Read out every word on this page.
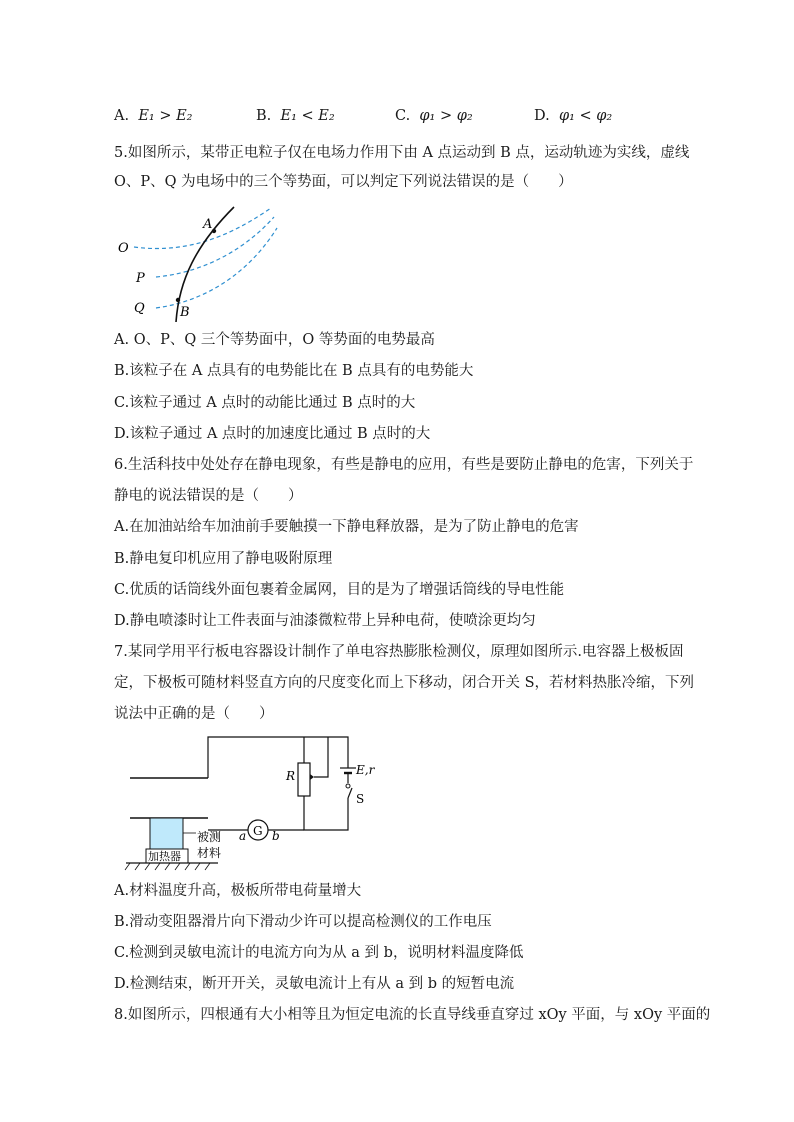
A. E₁ > E₂	B. E₁ < E₂	C. φ₁ > φ₂	D. φ₁ < φ₂
5.如图所示，某带正电粒子仅在电场力作用下由 A 点运动到 B 点，运动轨迹为实线，虚线
O、P、Q 为电场中的三个等势面，可以判定下列说法错误的是（　　）
A
B
O
P
Q
A. O、P、Q 三个等势面中，O 等势面的电势最高
B.该粒子在 A 点具有的电势能比在 B 点具有的电势能大
C.该粒子通过 A 点时的动能比通过 B 点时的大
D.该粒子通过 A 点时的加速度比通过 B 点时的大
6.生活科技中处处存在静电现象，有些是静电的应用，有些是要防止静电的危害，下列关于
静电的说法错误的是（　　）
A.在加油站给车加油前手要触摸一下静电释放器，是为了防止静电的危害
B.静电复印机应用了静电吸附原理
C.优质的话筒线外面包裹着金属网，目的是为了增强话筒线的导电性能
D.静电喷漆时让工件表面与油漆微粒带上异种电荷，使喷涂更均匀
7.某同学用平行板电容器设计制作了单电容热膨胀检测仪，原理如图所示.电容器上极板固
定，下极板可随材料竖直方向的尺度变化而上下移动，闭合开关 S，若材料热胀冷缩，下列
说法中正确的是（　　）
R	E,r
S
G
a b
被测
材料
加热器
A.材料温度升高，极板所带电荷量增大
B.滑动变阻器滑片向下滑动少许可以提高检测仪的工作电压
C.检测到灵敏电流计的电流方向为从 a 到 b，说明材料温度降低
D.检测结束，断开开关，灵敏电流计上有从 a 到 b 的短暂电流
8.如图所示，四根通有大小相等且为恒定电流的长直导线垂直穿过 xOy 平面，与 xOy 平面的
